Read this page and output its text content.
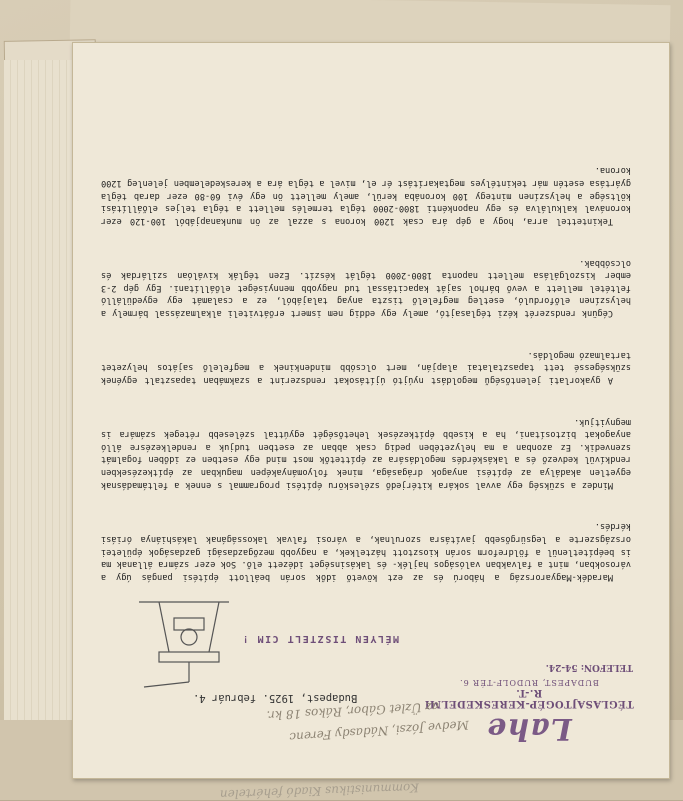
Lahe
TÉGLASAJTOGÉP-KERESKEDELMI R.-T.
BUDAPEST, RUDOLF-TÉR 6.
TELEFON: 54-24.
Budapest, 1925. február 4.
Medve Józsi, Nádasdy Ferenc
az Üzlet Gábor, Rákos 18 kr.
Kommunistikus Kiadó fehértelen
MÉLYEN TISZTELT CIM !

Maradék-Magyarország a háború és az ezt követő idők során beállott építési pangás úgy a városokban, mint a falvakban valóságos hajlék- és lakásinséget idézett elő. Sok ezer számra állanak ma is beépítetlenül a földreform során kiosztott háztelkek, a nagyobb mezőgazdasági gazdaságok épületei országszerte a legsürgősebb javításra szorulnak, a városi falvak lakosságának lakáshiánya óriási kérdés.

Mindez a szükség egy avval sokára kitérjedő szélesköru építési programmal s ennek a feltámadásnak egyetlen akadálya az építési anyagok drágasága, minek folyományaképen magukban az építkezésekben rendkívül kedvező és a lakáskérdés megoldására az építtetők most mind egy esetben ez időben fogalmát szenvedik. Ez azonban a ma helyzetében pedig csak abban az esetben tudjuk a rendelkezésre álló anyagokat biztosítani, ha a kisebb építkezések lehetőségét egyúttal szélesebb rétegek számára is megnyitjuk.

A gyakorlati jelentőségű megoldást nyújtó újításokat rendszerint a szakmában tapasztalt egyének szükségessé tett tapasztalatai alapján, mert olcsóbb mindenkinek a megfelelő sajátos helyzetet tartalmazó megoldás.

Cégünk rendszerét kézi téglasajtó, amely egy eddig nem ismert erőátviteli alkalmazással bármely a helyszínen előforduló, esetleg megfelelő tiszta anyag talajából, ez a csalamát egy egyedülálló feltétel mellett a vevő bárhol saját kapacitással tud nagyobb mennyiséget előállítani. Egy gép 2-3 ember kiszolgálása mellett naponta 1800-2000 téglát készít. Ezen téglák kiválóan szilárdak és olcsóbbak.

Tekintettel arra, hogy a gép ára csak 1200 korona s azzal az ön munkanapjából 100-120 ezer koronával kalkulálva és egy naponkénti 1800-2000 tégla termelés mellett a tégla teljes előállítási költsége a helyszínen mintegy 100 koronába kerül, amely mellett ön egy évi 60-80 ezer darab tégla gyártása esetén már tekintélyes megtakarítást ér el, mivel a tégla ára a kereskedelemben jelenleg 1200 korona.
